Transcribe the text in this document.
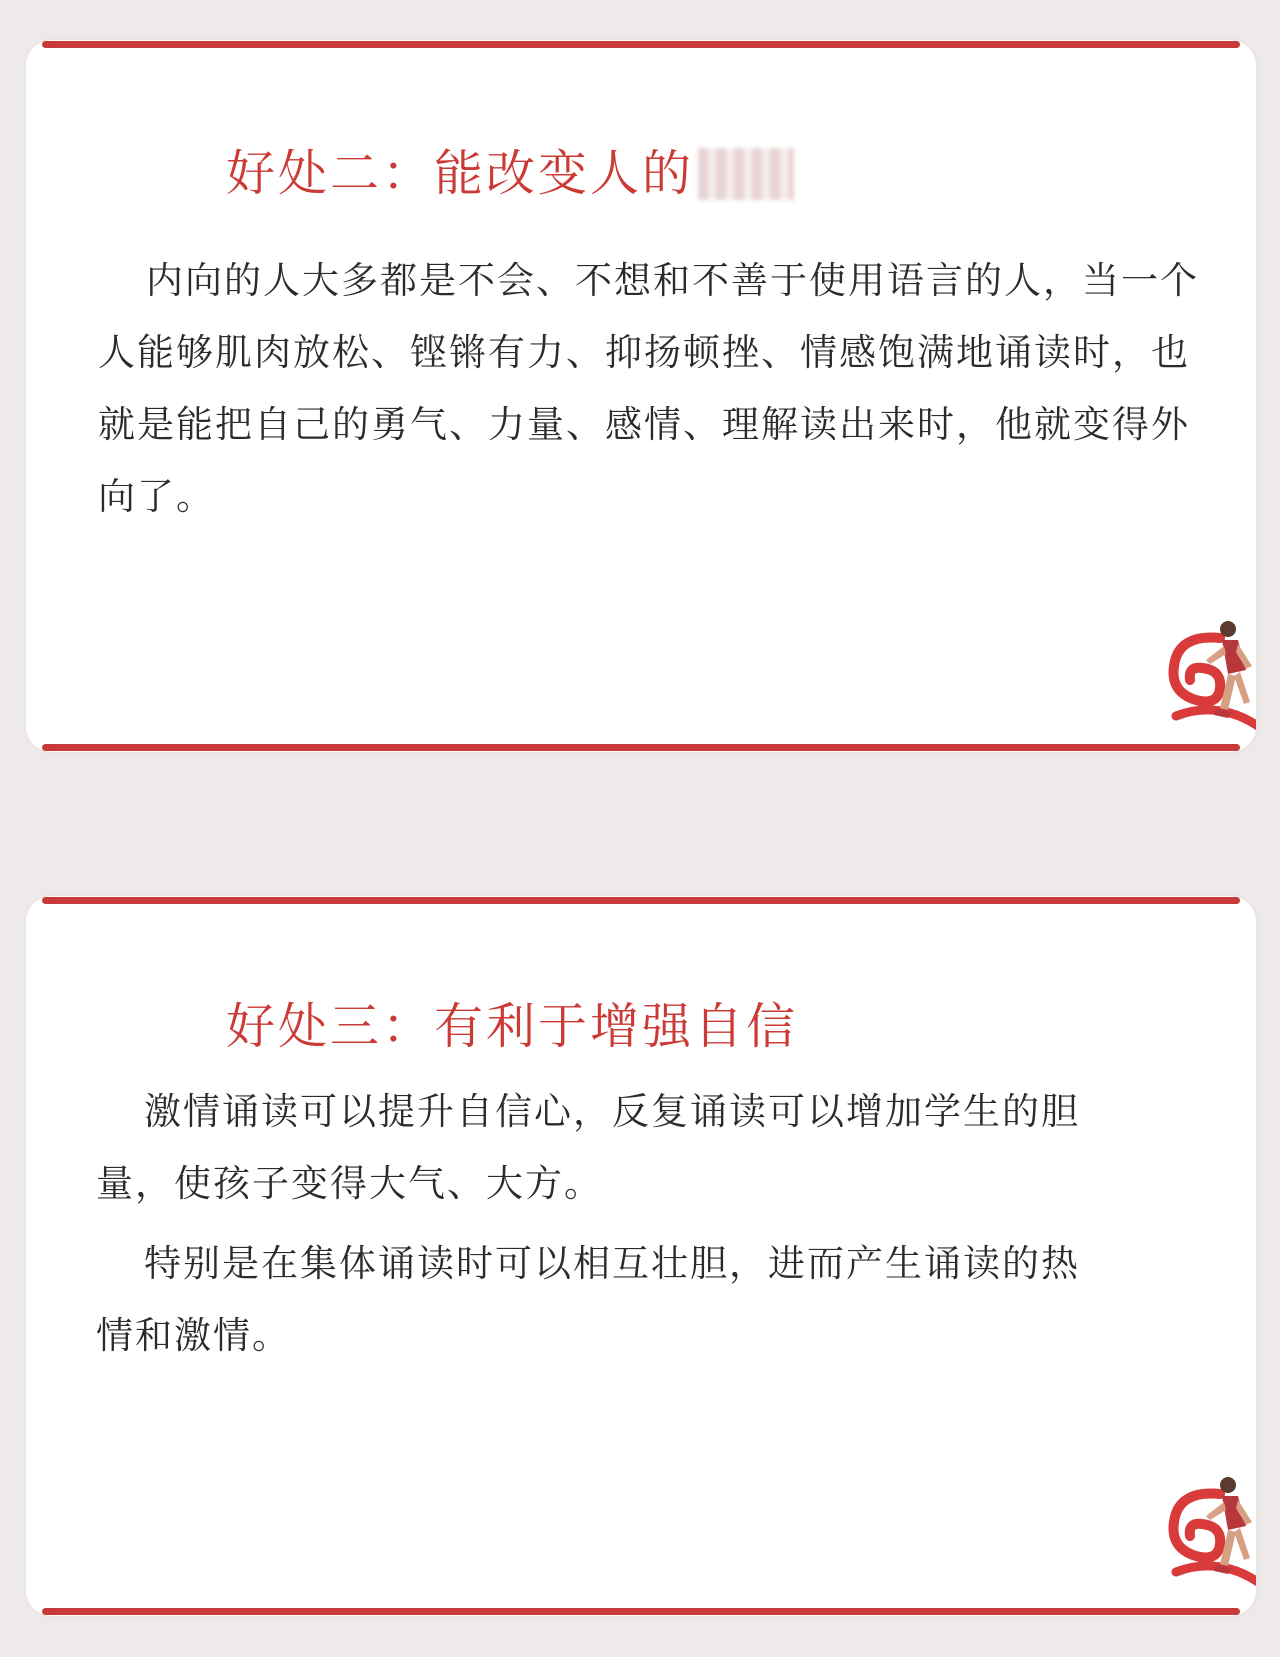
好处二：能改变人的

内向的人大多都是不会、不想和不善于使用语言的人，当一个人能够肌肉放松、铿锵有力、抑扬顿挫、情感饱满地诵读时，也就是能把自己的勇气、力量、感情、理解读出来时，他就变得外向了。

好处三：有利于增强自信

激情诵读可以提升自信心，反复诵读可以增加学生的胆量，使孩子变得大气、大方。

特别是在集体诵读时可以相互壮胆，进而产生诵读的热情和激情。
